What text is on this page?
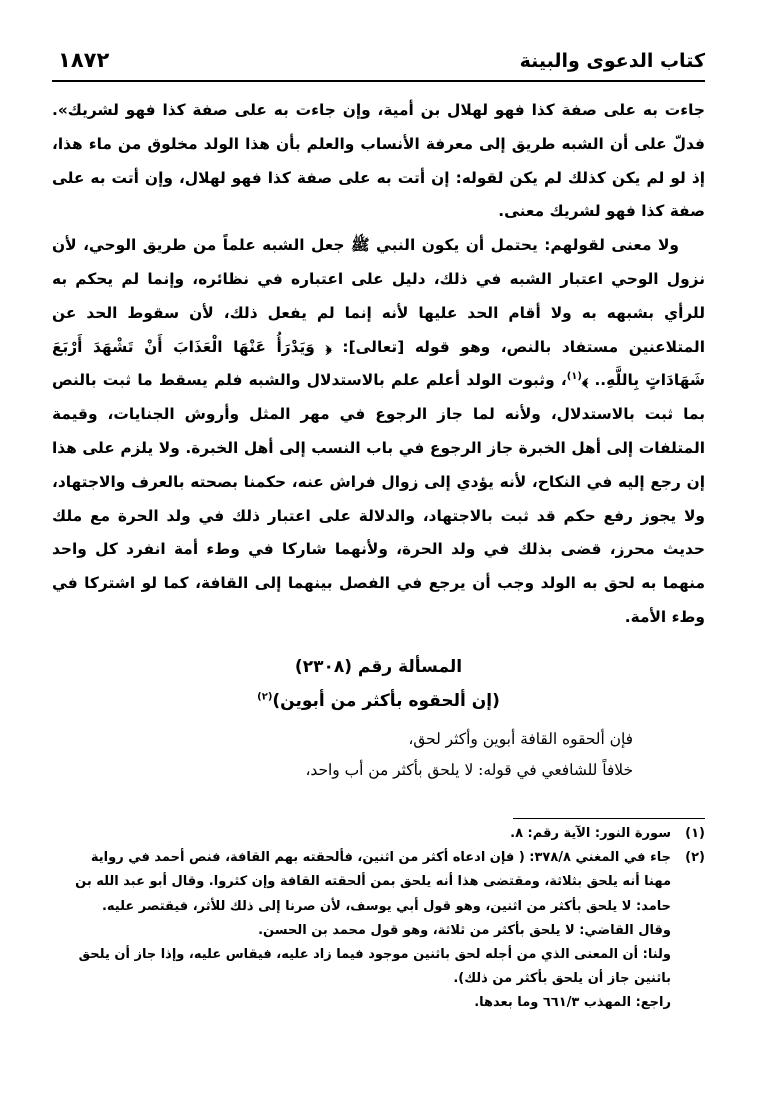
كتاب الدعوى والبينة
١٨٧٢

جاءت به على صفة كذا فهو لهلال بن أمية، وإن جاءت به على صفة كذا فهو لشريك». فدلّ على أن الشبه طريق إلى معرفة الأنساب والعلم بأن هذا الولد مخلوق من ماء هذا، إذ لو لم يكن كذلك لم يكن لقوله: إن أتت به على صفة كذا فهو لهلال، وإن أتت به على صفة كذا فهو لشريك معنى.

ولا معنى لقولهم: يحتمل أن يكون النبي ﷺ جعل الشبه علماً من طريق الوحي، لأن نزول الوحي اعتبار الشبه في ذلك، دليل على اعتباره في نظائره، وإنما لم يحكم به للرأي بشبهه به ولا أقام الحد عليها لأنه إنما لم يفعل ذلك، لأن سقوط الحد عن المتلاعنين مستفاد بالنص، وهو قوله [تعالى]: ﴿ وَيَدْرَأُ عَنْهَا الْعَذَابَ أَنْ تَشْهَدَ أَرْبَعَ شَهَادَاتٍ بِاللَّهِ.. ﴾$^{(١)}$، وثبوت الولد أعلم علم بالاستدلال والشبه فلم يسقط ما ثبت بالنص بما ثبت بالاستدلال، ولأنه لما جاز الرجوع في مهر المثل وأروش الجنايات، وقيمة المتلفات إلى أهل الخبرة جاز الرجوع في باب النسب إلى أهل الخبرة. ولا يلزم على هذا إن رجع إليه في النكاح، لأنه يؤدي إلى زوال فراش عنه، حكمنا بصحته بالعرف والاجتهاد، ولا يجوز رفع حكم قد ثبت بالاجتهاد، والدلالة على اعتبار ذلك في ولد الحرة مع ملك حديث محرز، قضى بذلك في ولد الحرة، ولأنهما شاركا في وطء أمة انفرد كل واحد منهما به لحق به الولد وجب أن يرجع في الفصل بينهما إلى القافة، كما لو اشتركا في وطء الأمة.

المسألة رقم (٢٣٠٨)
(إن ألحقوه بأكثر من أبوين)$^{(٢)}$

فإن ألحقوه القافة أبوين وأكثر لحق،

خلافاً للشافعي في قوله: لا يلحق بأكثر من أب واحد،

(١)
سورة النور: الآية رقم: ٨.
(٢)
جاء في المغني ٣٧٨/٨: ( فإن ادعاه أكثر من اثنين، فألحقته بهم القافة، فنص أحمد في رواية
مهنا أنه يلحق بثلاثة، ومقتضى هذا أنه يلحق بمن ألحقته القافة وإن كثروا. وقال أبو عبد الله بن
حامد: لا يلحق بأكثر من اثنين، وهو قول أبي يوسف، لأن صرنا إلى ذلك للأثر، فيقتصر عليه.
وقال القاضي: لا يلحق بأكثر من ثلاثة، وهو قول محمد بن الحسن.
ولنا: أن المعنى الذي من أجله لحق باثنين موجود فيما زاد عليه، فيقاس عليه، وإذا جاز أن يلحق
باثنين جاز أن يلحق بأكثر من ذلك).
راجع: المهذب ٦٦١/٣ وما بعدها.
